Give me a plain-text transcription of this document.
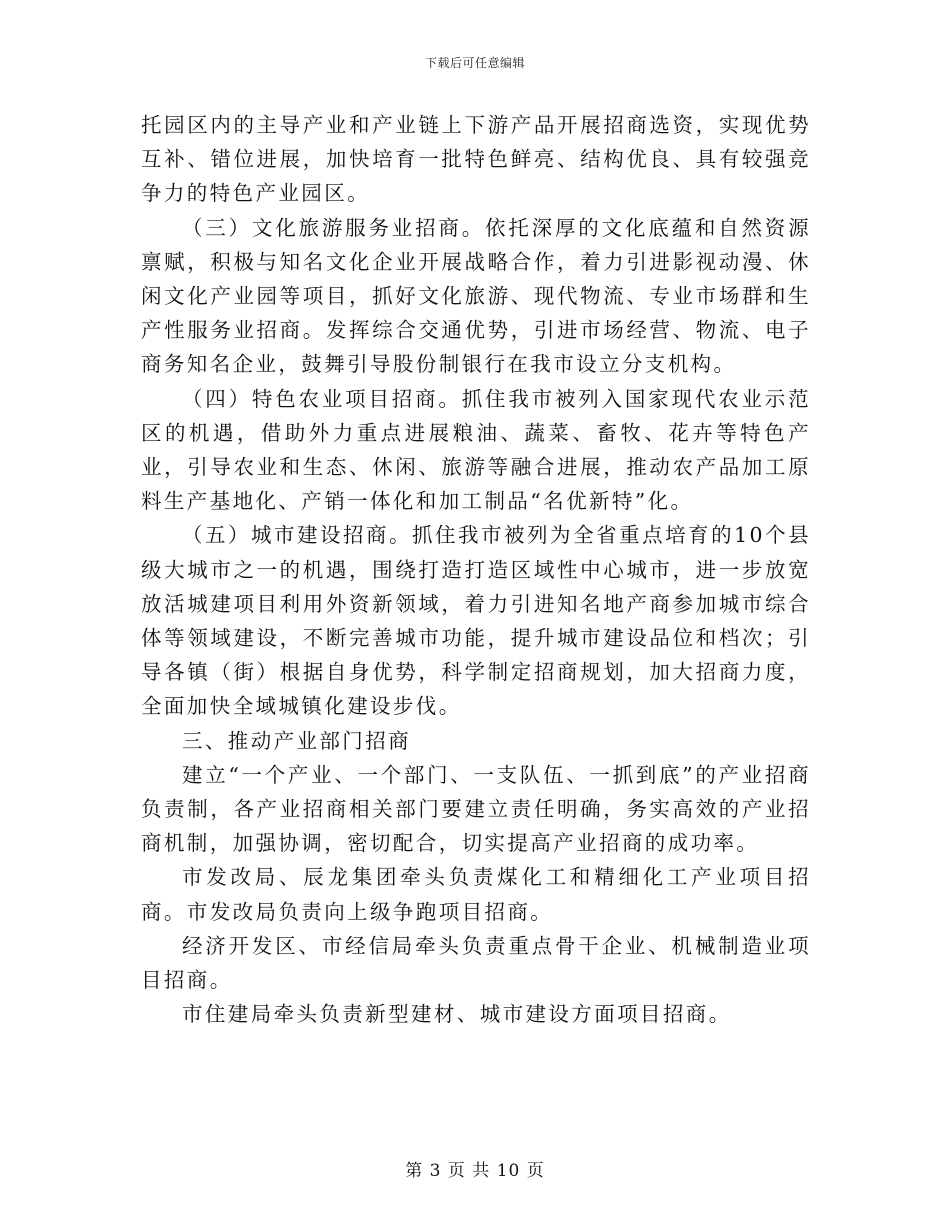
下载后可任意编辑

托园区内的主导产业和产业链上下游产品开展招商选资，实现优势互补、错位进展，加快培育一批特色鲜亮、结构优良、具有较强竞争力的特色产业园区。

（三）文化旅游服务业招商。依托深厚的文化底蕴和自然资源禀赋，积极与知名文化企业开展战略合作，着力引进影视动漫、休闲文化产业园等项目，抓好文化旅游、现代物流、专业市场群和生产性服务业招商。发挥综合交通优势，引进市场经营、物流、电子商务知名企业，鼓舞引导股份制银行在我市设立分支机构。

（四）特色农业项目招商。抓住我市被列入国家现代农业示范区的机遇，借助外力重点进展粮油、蔬菜、畜牧、花卉等特色产业，引导农业和生态、休闲、旅游等融合进展，推动农产品加工原料生产基地化、产销一体化和加工制品“名优新特”化。

（五）城市建设招商。抓住我市被列为全省重点培育的10个县级大城市之一的机遇，围绕打造打造区域性中心城市，进一步放宽放活城建项目利用外资新领域，着力引进知名地产商参加城市综合体等领域建设，不断完善城市功能，提升城市建设品位和档次；引导各镇（街）根据自身优势，科学制定招商规划，加大招商力度，全面加快全域城镇化建设步伐。

三、推动产业部门招商

建立“一个产业、一个部门、一支队伍、一抓到底”的产业招商负责制，各产业招商相关部门要建立责任明确，务实高效的产业招商机制，加强协调，密切配合，切实提高产业招商的成功率。

市发改局、辰龙集团牵头负责煤化工和精细化工产业项目招商。市发改局负责向上级争跑项目招商。

经济开发区、市经信局牵头负责重点骨干企业、机械制造业项目招商。

市住建局牵头负责新型建材、城市建设方面项目招商。

第 3 页 共 10 页
